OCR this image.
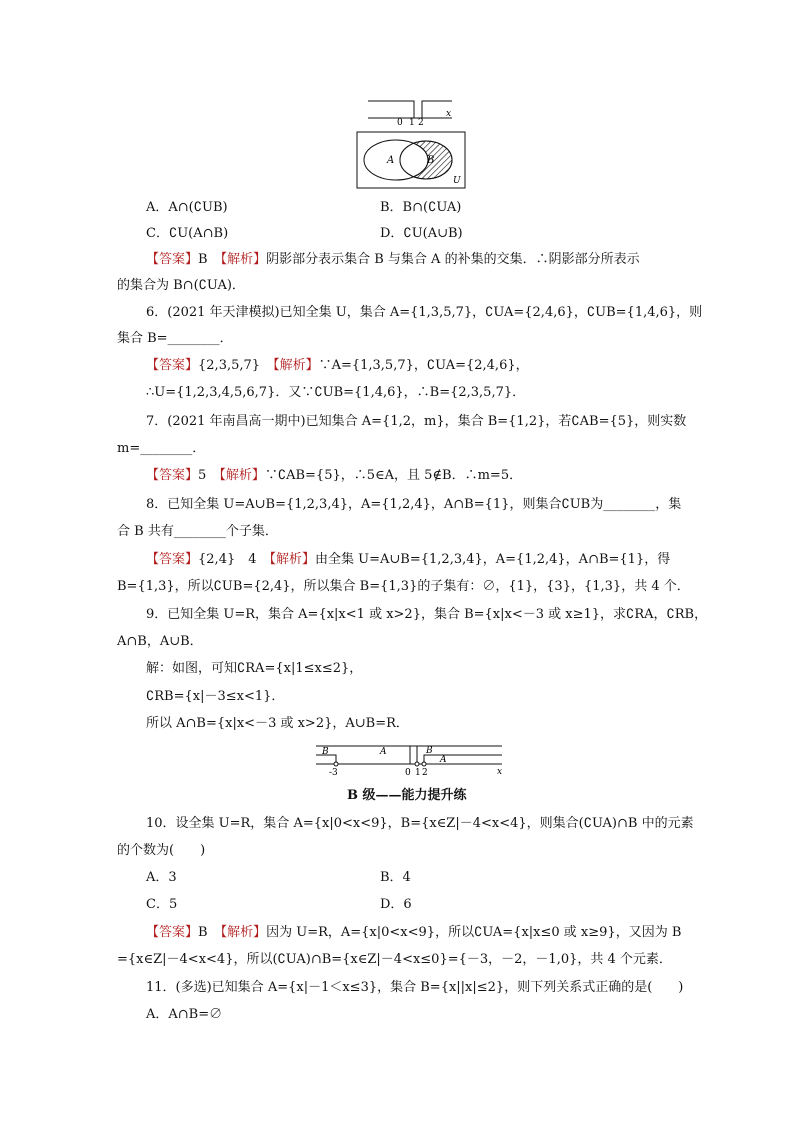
0 1 2
x
A	B
U
A．A∩(∁UB)	B．B∩(∁UA)
C．∁U(A∩B)	D．∁U(A∪B)
【答案】B　 【解析】阴影部分表示集合 B 与集合 A 的补集的交集．∴阴影部分所表示
的集合为 B∩(∁UA)．
6．(2021 年天津模拟)已知全集 U，集合 A={1,3,5,7}，∁UA={2,4,6}，∁UB={1,4,6}，则
集合 B=________．
【答案】{2,3,5,7}　 【解析】∵A={1,3,5,7}，∁UA={2,4,6}，
∴U={1,2,3,4,5,6,7}．又∵∁UB={1,4,6}，∴B={2,3,5,7}．
7．(2021 年南昌高一期中)已知集合 A={1,2，m}，集合 B={1,2}，若∁AB={5}，则实数
m=________．
【答案】5　 【解析】∵∁AB={5}，∴5∈A，且 5∉B．∴m=5．
8．已知全集 U=A∪B={1,2,3,4}，A={1,2,4}，A∩B={1}，则集合∁UB为________，集
合 B 共有________个子集．
【答案】{2,4}　4　 【解析】由全集 U=A∪B={1,2,3,4}，A={1,2,4}，A∩B={1}，得
B={1,3}，所以∁UB={2,4}，所以集合 B={1,3}的子集有：∅，{1}，{3}，{1,3}，共 4 个．
9．已知全集 U=R，集合 A={x|x<1 或 x>2}，集合 B={x|x<－3 或 x≥1}，求∁RA，∁RB，
A∩B，A∪B．
解：如图，可知∁RA={x|1≤x≤2}，
∁RB={x|－3≤x<1}．
所以 A∩B={x|x<－3 或 x>2}，A∪B=R．
B	A	B
A
-3	0 1 2	x
B 级——能力提升练
10．设全集 U=R，集合 A={x|0<x<9}，B={x∈Z|－4<x<4}，则集合(∁UA)∩B 中的元素
的个数为(　　)
A．3	B．4
C．5	D．6
【答案】B　 【解析】因为 U=R，A={x|0<x<9}，所以∁UA={x|x≤0 或 x≥9}，又因为 B
={x∈Z|－4<x<4}，所以(∁UA)∩B={x∈Z|－4<x≤0}={－3，－2，－1,0}，共 4 个元素．
11．(多选)已知集合 A={x|－1＜x≤3}，集合 B={x||x|≤2}，则下列关系式正确的是(　　)
A．A∩B=∅
